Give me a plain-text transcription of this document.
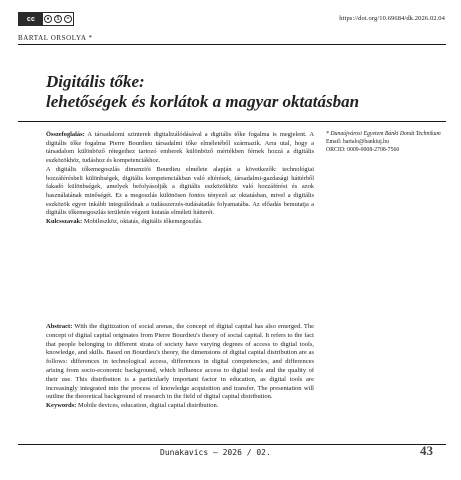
cc	●	$	=	https://doi.org/10.69684/dk.2026.02.04
BARTAL ORSOLYA *
Digitális tőke:
lehetőségek és korlátok a magyar oktatásban

Összefoglalás: A társadalomi szinterek digitalizálódásával a digitális tőke fogalma is megjelent. A digitális tőke fogalma Pierre Bourdieu társadalmi tőke elméletéből származik. Arra utal, hogy a társadalom különböző rétegeihez tartozó emberek különböző mértékben férnek hozzá a digitális eszközökhöz, tudáshoz és kompetenciákhoz.

A digitális tőkemegoszlás dimenziói Bourdieu elmélete alapján a következők: technológiai hozzáférésbeli különbségek, digitális kompetenciákban való eltérések, társadalmi-gazdasági háttérből fakadó különbségek, amelyek befolyásolják a digitális eszközökhöz való hozzáférést és azok használatának minőségét. Ez a megoszlás különösen fontos tényező az oktatásban, mivel a digitális eszközök egyre inkább integrálódnak a tudásszerzés-tudásátadás folyamatába. Az előadás bemutatja a digitális tőkemegoszlás területén végzett kutatás elméleti hátterét.

Kulcsszavak: Mobileszköz, oktatás, digitális tőkemegoszlás.

Abstract: With the digitization of social arenas, the concept of digital capital has also emerged. The concept of digital capital originates from Pierre Bourdieu's theory of social capital. It refers to the fact that people belonging to different strata of society have varying degrees of access to digital tools, knowledge, and skills. Based on Bourdieu's theory, the dimensions of digital capital distribution are as follows: differences in technological access, differences in digital competencies, and differences arising from socio-economic background, which influence access to digital tools and the quality of their use. This distribution is a particularly important factor in education, as digital tools are increasingly integrated into the process of knowledge acquisition and transfer. The presentation will outline the theoretical background of research in the field of digital capital distribution.

Keywords: Mobile devices, education, digital capital distribution.

* Dunaújvárosi Egyetem Bánki Donát Technikum
Email: bartalo@bankiuj.hu
ORCID: 0009-0008-2708-7560
Dunakavics – 2026 / 02.	43
